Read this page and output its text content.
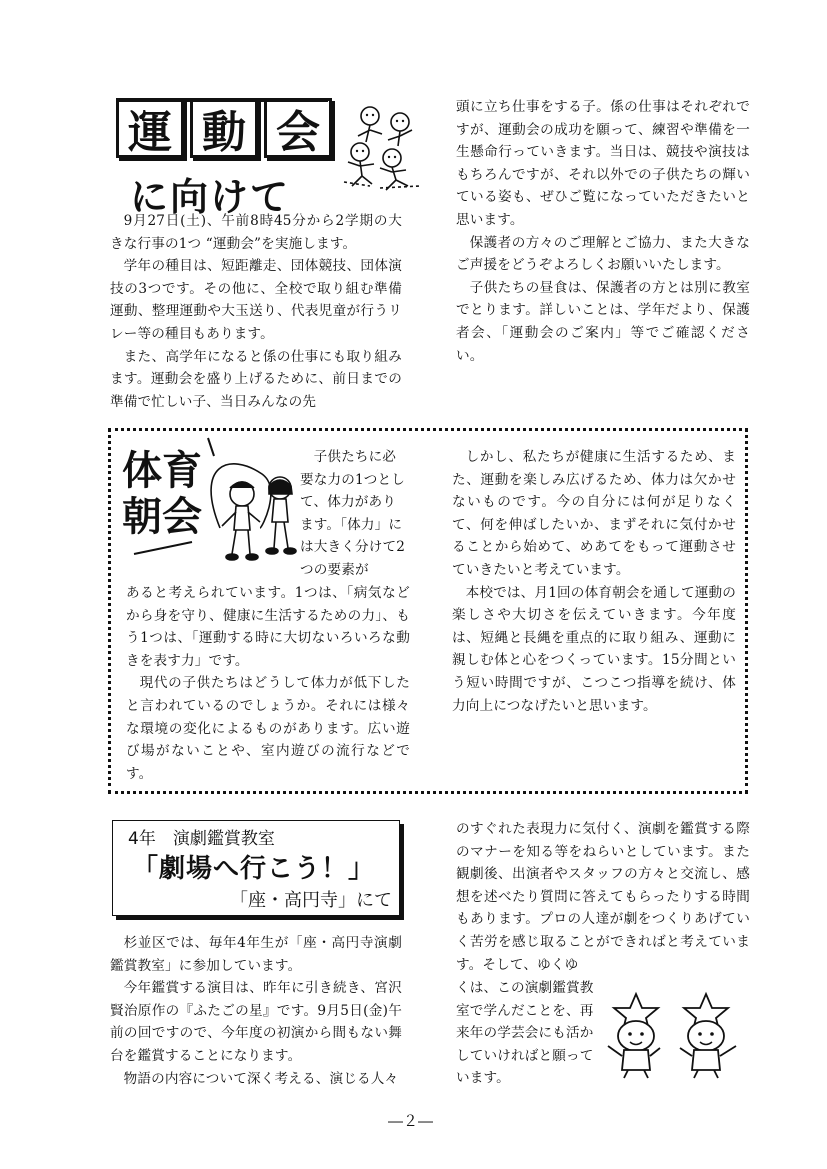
運 動 会
に向けて

9月27日(土)、午前8時45分から2学期の大きな行事の1つ “運動会”を実施します。

学年の種目は、短距離走、団体競技、団体演技の3つです。その他に、全校で取り組む準備運動、整理運動や大玉送り、代表児童が行うリレー等の種目もあります。

また、高学年になると係の仕事にも取り組みます。運動会を盛り上げるために、前日までの準備で忙しい子、当日みんなの先

頭に立ち仕事をする子。係の仕事はそれぞれですが、運動会の成功を願って、練習や準備を一生懸命行っていきます。当日は、競技や演技はもちろんですが、それ以外での子供たちの輝いている姿も、ぜひご覧になっていただきたいと思います。

保護者の方々のご理解とご協力、また大きなご声援をどうぞよろしくお願いいたします。

子供たちの昼食は、保護者の方とは別に教室でとります。詳しいことは、学年だより、保護者会、「運動会のご案内」等でご確認ください。

体育
朝会

子供たちに必要な力の1つとして、体力があります。「体力」には大きく分けて2つの要素が

あると考えられています。1つは、「病気などから身を守り、健康に生活するための力」、もう1つは、「運動する時に大切ないろいろな動きを表す力」です。

現代の子供たちはどうして体力が低下したと言われているのでしょうか。それには様々な環境の変化によるものがあります。広い遊び場がないことや、室内遊びの流行などです。

しかし、私たちが健康に生活するため、また、運動を楽しみ広げるため、体力は欠かせないものです。今の自分には何が足りなくて、何を伸ばしたいか、まずそれに気付かせることから始めて、めあてをもって運動させていきたいと考えています。

本校では、月1回の体育朝会を通して運動の楽しさや大切さを伝えていきます。今年度は、短縄と長縄を重点的に取り組み、運動に親しむ体と心をつくっています。15分間という短い時間ですが、こつこつ指導を続け、体力向上につなげたいと思います。

4年　演劇鑑賞教室
「劇場へ行こう！」
「座・高円寺」にて

杉並区では、毎年4年生が「座・高円寺演劇鑑賞教室」に参加しています。

今年鑑賞する演目は、昨年に引き続き、宮沢賢治原作の『ふたごの星』です。9月5日(金)午前の回ですので、今年度の初演から間もない舞台を鑑賞することになります。

物語の内容について深く考える、演じる人々

のすぐれた表現力に気付く、演劇を鑑賞する際のマナーを知る等をねらいとしています。また観劇後、出演者やスタッフの方々と交流し、感想を述べたり質問に答えてもらったりする時間もあります。プロの人達が劇をつくりあげていく苦労を感じ取ることができればと考えています。そして、ゆくゆ

くは、この演劇鑑賞教室で学んだことを、再来年の学芸会にも活かしていければと願っています。

―２―
